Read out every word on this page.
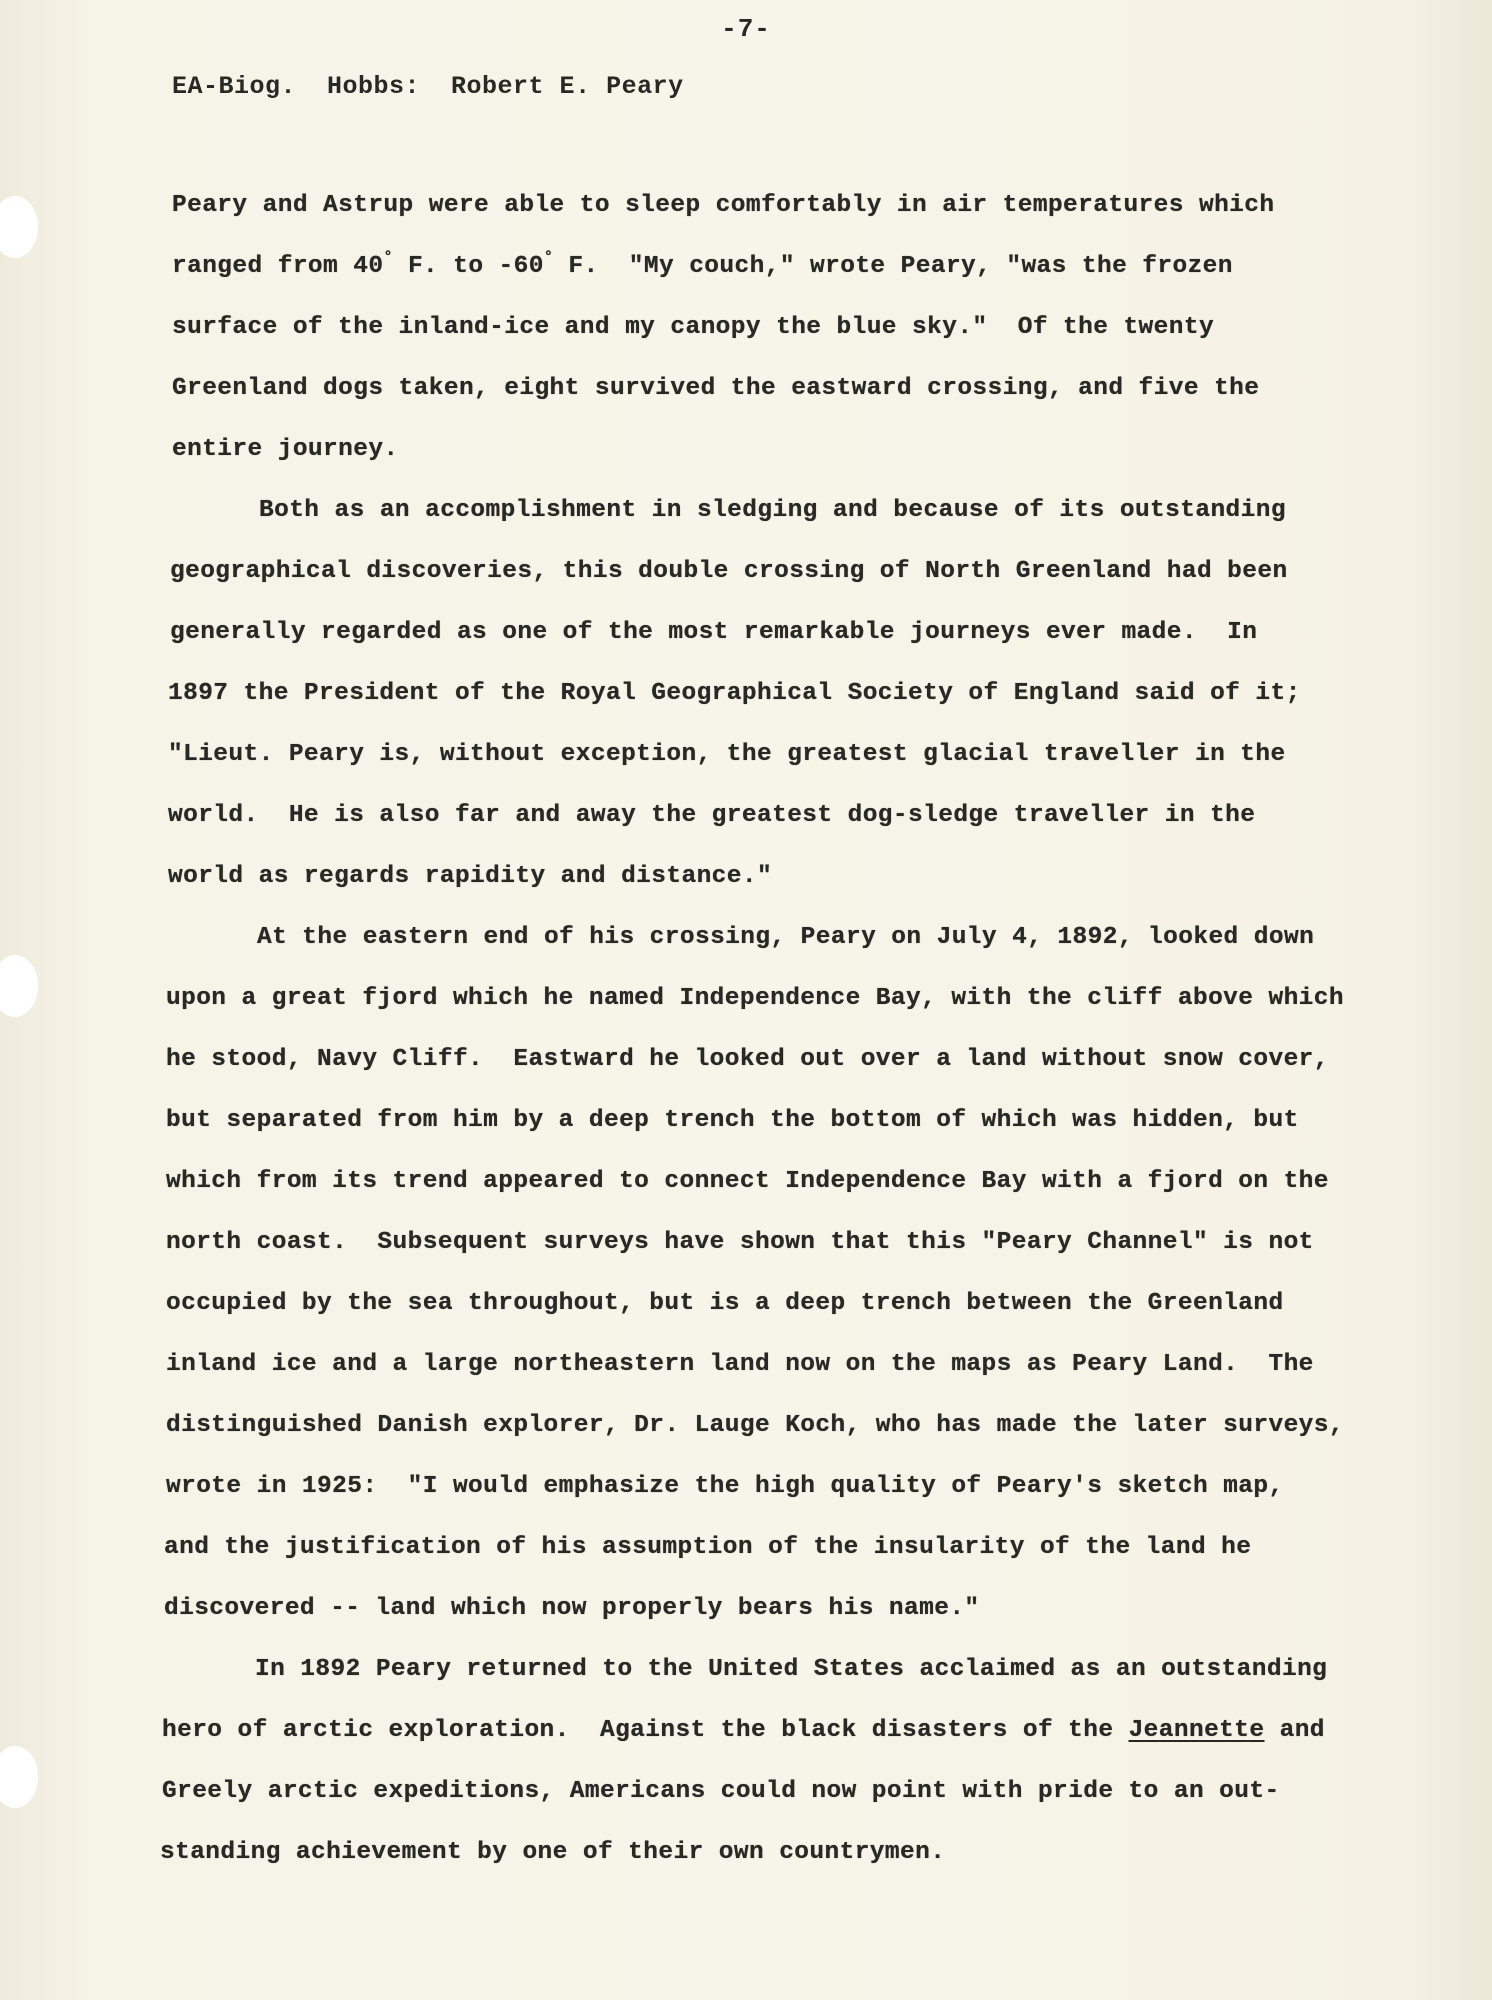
-7-
EA-Biog.  Hobbs:  Robert E. Peary
Peary and Astrup were able to sleep comfortably in air temperatures which
ranged from 40° F. to -60° F.  "My couch," wrote Peary, "was the frozen
surface of the inland-ice and my canopy the blue sky."  Of the twenty
Greenland dogs taken, eight survived the eastward crossing, and five the
entire journey.
Both as an accomplishment in sledging and because of its outstanding
geographical discoveries, this double crossing of North Greenland had been
generally regarded as one of the most remarkable journeys ever made.  In
1897 the President of the Royal Geographical Society of England said of it;
"Lieut. Peary is, without exception, the greatest glacial traveller in the
world.  He is also far and away the greatest dog-sledge traveller in the
world as regards rapidity and distance."
At the eastern end of his crossing, Peary on July 4, 1892, looked down
upon a great fjord which he named Independence Bay, with the cliff above which
he stood, Navy Cliff.  Eastward he looked out over a land without snow cover,
but separated from him by a deep trench the bottom of which was hidden, but
which from its trend appeared to connect Independence Bay with a fjord on the
north coast.  Subsequent surveys have shown that this "Peary Channel" is not
occupied by the sea throughout, but is a deep trench between the Greenland
inland ice and a large northeastern land now on the maps as Peary Land.  The
distinguished Danish explorer, Dr. Lauge Koch, who has made the later surveys,
wrote in 1925:  "I would emphasize the high quality of Peary's sketch map,
and the justification of his assumption of the insularity of the land he
discovered -- land which now properly bears his name."
In 1892 Peary returned to the United States acclaimed as an outstanding
hero of arctic exploration.  Against the black disasters of the Jeannette and
Greely arctic expeditions, Americans could now point with pride to an out-
standing achievement by one of their own countrymen.
